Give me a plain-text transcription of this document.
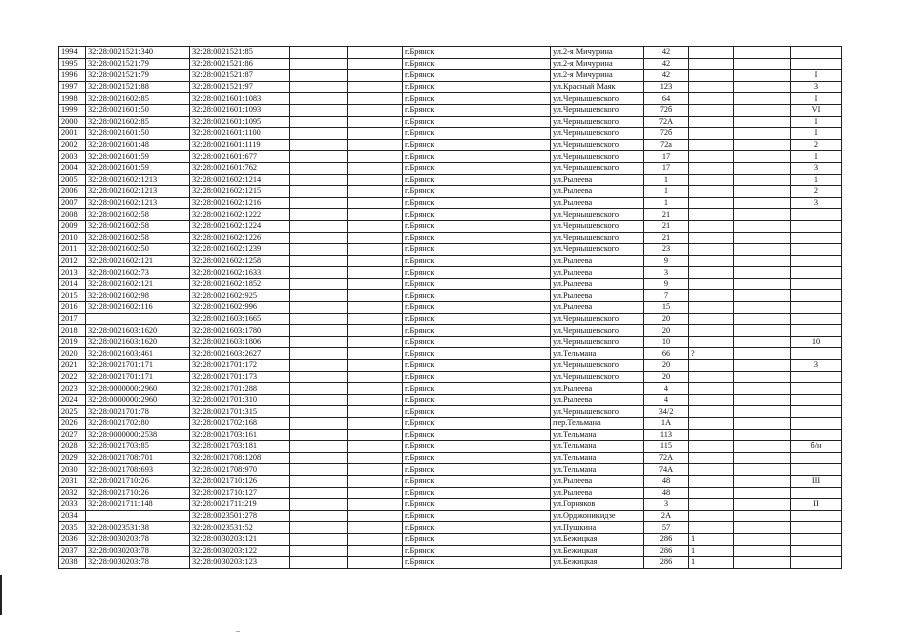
1994	32:28:0021521:340	32:28:0021521:85			г.Брянск	ул.2-я Мичурина	42			
1995	32:28:0021521:79	32:28:0021521:86			г.Брянск	ул.2-я Мичурина	42			
1996	32:28:0021521:79	32:28:0021521:87			г.Брянск	ул.2-я Мичурина	42			I
1997	32:28:0021521:88	32:28:0021521:97			г.Брянск	ул.Красный Маяк	123			3
1998	32:28:0021602:85	32:28:0021601:1083			г.Брянск	ул.Чернышевского	64			I
1999	32:28:0021601:50	32:28:0021601:1093			г.Брянск	ул.Чернышевского	72б			VI
2000	32:28:0021602:85	32:28:0021601:1095			г.Брянск	ул.Чернышевского	72А			I
2001	32:28:0021601:50	32:28:0021601:1100			г.Брянск	ул.Чернышевского	72б			I
2002	32:28:0021601:48	32:28:0021601:1119			г.Брянск	ул.Чернышевского	72а			2
2003	32:28:0021601:59	32:28:0021601:677			г.Брянск	ул.Чернышевского	17			I
2004	32:28:0021601:59	32:28:0021601:762			г.Брянск	ул.Чернышевского	17			3
2005	32:28:0021602:1213	32:28:0021602:1214			г.Брянск	ул.Рылеева	1			1
2006	32:28:0021602:1213	32:28:0021602:1215			г.Брянск	ул.Рылеева	1			2
2007	32:28:0021602:1213	32:28:0021602:1216			г.Брянск	ул.Рылеева	1			3
2008	32:28:0021602:58	32:28:0021602:1222			г.Брянск	ул.Чернышевского	21			
2009	32:28:0021602:58	32:28:0021602:1224			г.Брянск	ул.Чернышевского	21			
2010	32:28:0021602:58	32:28:0021602:1226			г.Брянск	ул.Чернышевского	21			
2011	32:28:0021602:50	32:28:0021602:1239			г.Брянск	ул.Чернышевского	23			
2012	32:28:0021602:121	32:28:0021602:1258			г.Брянск	ул.Рылеева	9			
2013	32:28:0021602:73	32:28:0021602:1633			г.Брянск	ул.Рылеева	3			
2014	32:28:0021602:121	32:28:0021602:1852			г.Брянск	ул.Рылеева	9			
2015	32:28:0021602:98	32:28:0021602:925			г.Брянск	ул.Рылеева	7			
2016	32:28:0021602:116	32:28:0021602:996			г.Брянск	ул.Рылеева	15			
2017		32:28:0021603:1665			г.Брянск	ул.Чернышевского	20			
2018	32:28:0021603:1620	32:28:0021603:1780			г.Брянск	ул.Чернышевского	20			
2019	32:28:0021603:1620	32:28:0021603:1806			г.Брянск	ул.Чернышевского	10			10
2020	32:28:0021603:461	32:28:0021603:2627			г.Брянск	ул.Тельмана	66	?		
2021	32:28:0021701:171	32:28:0021701:172			г.Брянск	ул.Чернышевского	20			3
2022	32:28:0021701:171	32:28:0021701:173			г.Брянск	ул.Чернышевского	20			
2023	32:28:0000000:2960	32:28:0021701:288			г.Брянск	ул.Рылеева	4			
2024	32:28:0000000:2960	32:28:0021701:310			г.Брянск	ул.Рылеева	4			
2025	32:28:0021701:78	32:28:0021701:315			г.Брянск	ул.Чернышевского	34/2			
2026	32:28:0021702:80	32:28:0021702:168			г.Брянск	пер.Тельмана	1А			
2027	32:28:0000000:2538	32:28:0021703:161			г.Брянск	ул.Тельмана	113			
2028	32:28:0021703:85	32:28:0021703:181			г.Брянск	ул.Тельмана	115			б/н
2029	32:28:0021708:701	32:28:0021708:1208			г.Брянск	ул.Тельмана	72А			
2030	32:28:0021708:693	32:28:0021708:970			г.Брянск	ул.Тельмана	74А			
2031	32:28:0021710:26	32:28:0021710:126			г.Брянск	ул.Рылеева	48			III
2032	32:28:0021710:26	32:28:0021710:127			г.Брянск	ул.Рылеева	48			
2033	32:28:0021711:148	32:28:0021711:219			г.Брянск	ул.Горняков	3			II
2034		32:28:0023501:278			г.Брянск	ул.Орджоникидзе	2А			
2035	32:28:0023531:38	32:28:0023531:52			г.Брянск	ул.Пушкина	57			
2036	32:28:0030203:78	32:28:0030203:121			г.Брянск	ул.Бежицкая	286	1		
2037	32:28:0030203:78	32:28:0030203:122			г.Брянск	ул.Бежицкая	286	1		
2038	32:28:0030203:78	32:28:0030203:123			г.Брянск	ул.Бежицкая	286	1		
